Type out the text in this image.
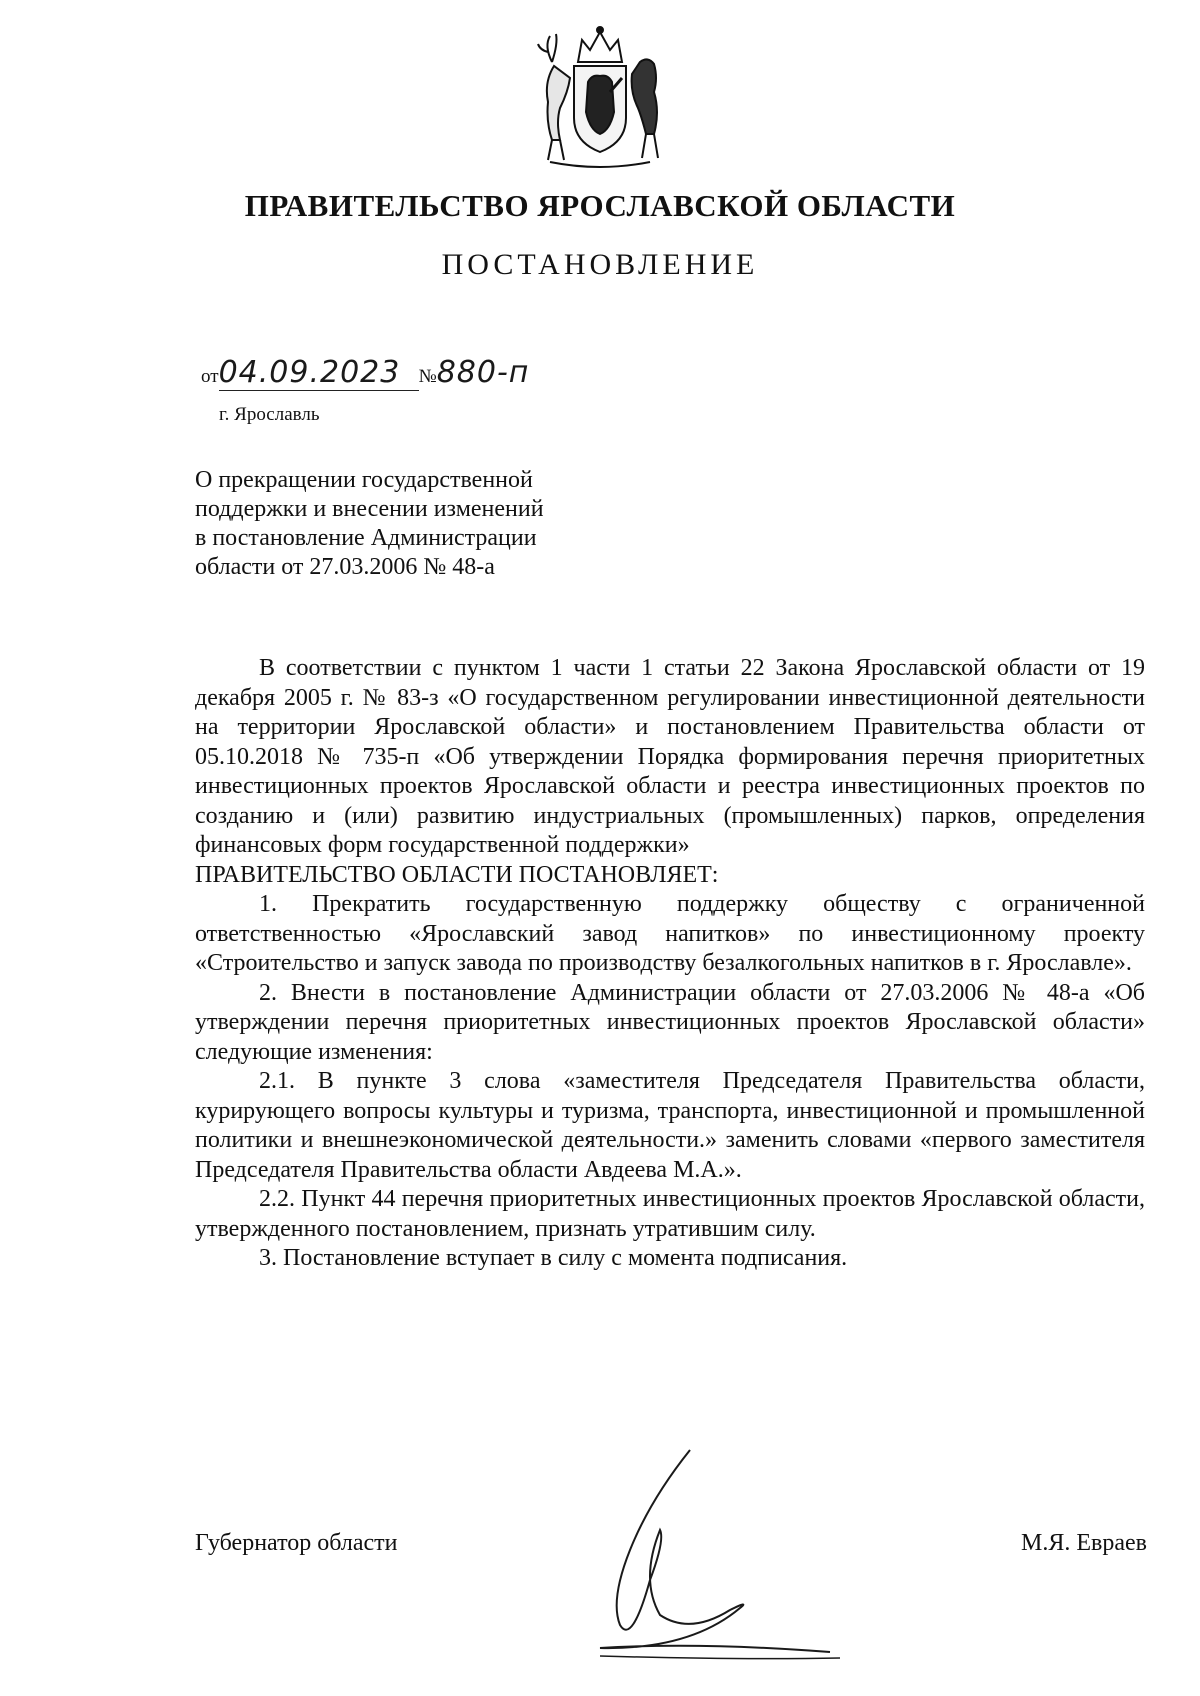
ПРАВИТЕЛЬСТВО ЯРОСЛАВСКОЙ ОБЛАСТИ
ПОСТАНОВЛЕНИЕ
от04.09.2023 №880-п
г. Ярославль
О прекращении государственной
поддержки и внесении изменений
в постановление Администрации
области от 27.03.2006 № 48-а

В соответствии с пунктом 1 части 1 статьи 22 Закона Ярославской области от 19 декабря 2005 г. № 83-з «О государственном регулировании инвестиционной деятельности на территории Ярославской области» и постановлением Правительства области от 05.10.2018 № 735-п «Об утверждении Порядка формирования перечня приоритетных инвестиционных проектов Ярославской области и реестра инвестиционных проектов по созданию и (или) развитию индустриальных (промышленных) парков, определения финансовых форм государственной поддержки»

ПРАВИТЕЛЬСТВО ОБЛАСТИ ПОСТАНОВЛЯЕТ:

1. Прекратить государственную поддержку обществу с ограниченной ответственностью «Ярославский завод напитков» по инвестиционному проекту «Строительство и запуск завода по производству безалкогольных напитков в г. Ярославле».

2. Внести в постановление Администрации области от 27.03.2006 № 48-а «Об утверждении перечня приоритетных инвестиционных проектов Ярославской области» следующие изменения:

2.1. В пункте 3 слова «заместителя Председателя Правительства области, курирующего вопросы культуры и туризма, транспорта, инвестиционной и промышленной политики и внешнеэкономической деятельности.» заменить словами «первого заместителя Председателя Правительства области Авдеева М.А.».

2.2. Пункт 44 перечня приоритетных инвестиционных проектов Ярославской области, утвержденного постановлением, признать утратившим силу.

3. Постановление вступает в силу с момента подписания.

Губернатор области	М.Я. Евраев
